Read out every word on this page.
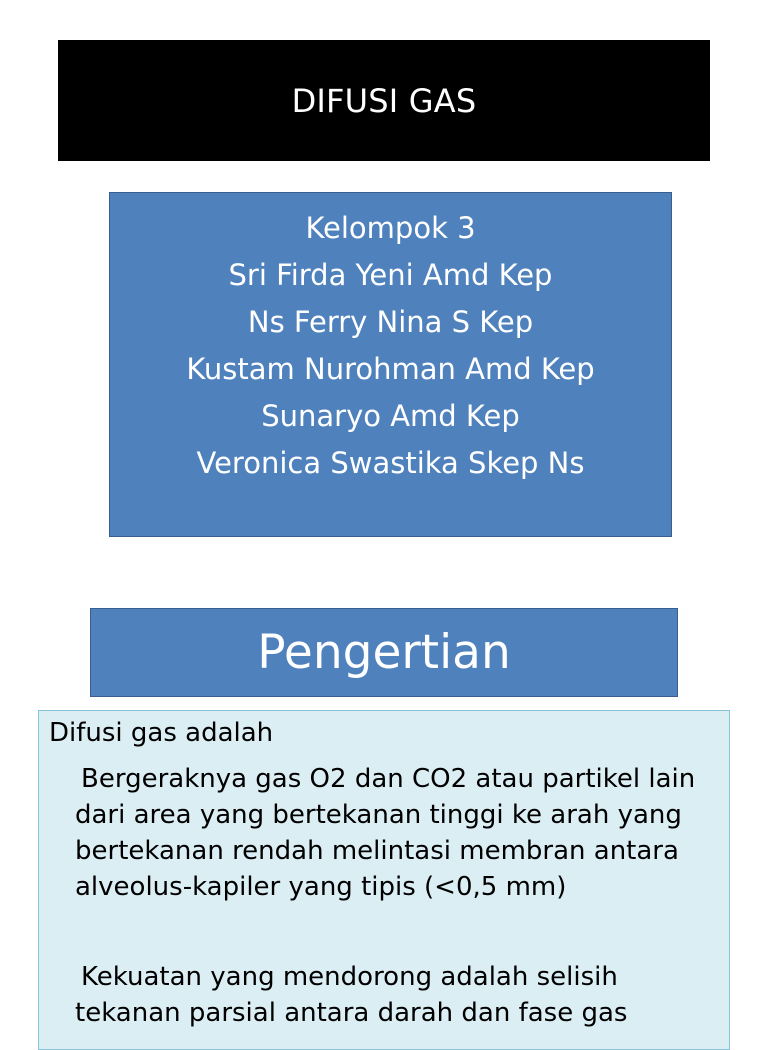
DIFUSI GAS
Kelompok 3
Sri Firda Yeni Amd Kep
Ns Ferry Nina S Kep
Kustam Nurohman Amd Kep
Sunaryo Amd Kep
Veronica Swastika Skep Ns
Pengertian
Difusi gas adalah
Bergeraknya gas O2 dan CO2 atau partikel lain
dari area yang bertekanan tinggi ke arah yang
bertekanan rendah melintasi membran antara
alveolus-kapiler yang tipis (<0,5 mm)
Kekuatan yang mendorong adalah selisih
tekanan parsial antara darah dan fase gas
